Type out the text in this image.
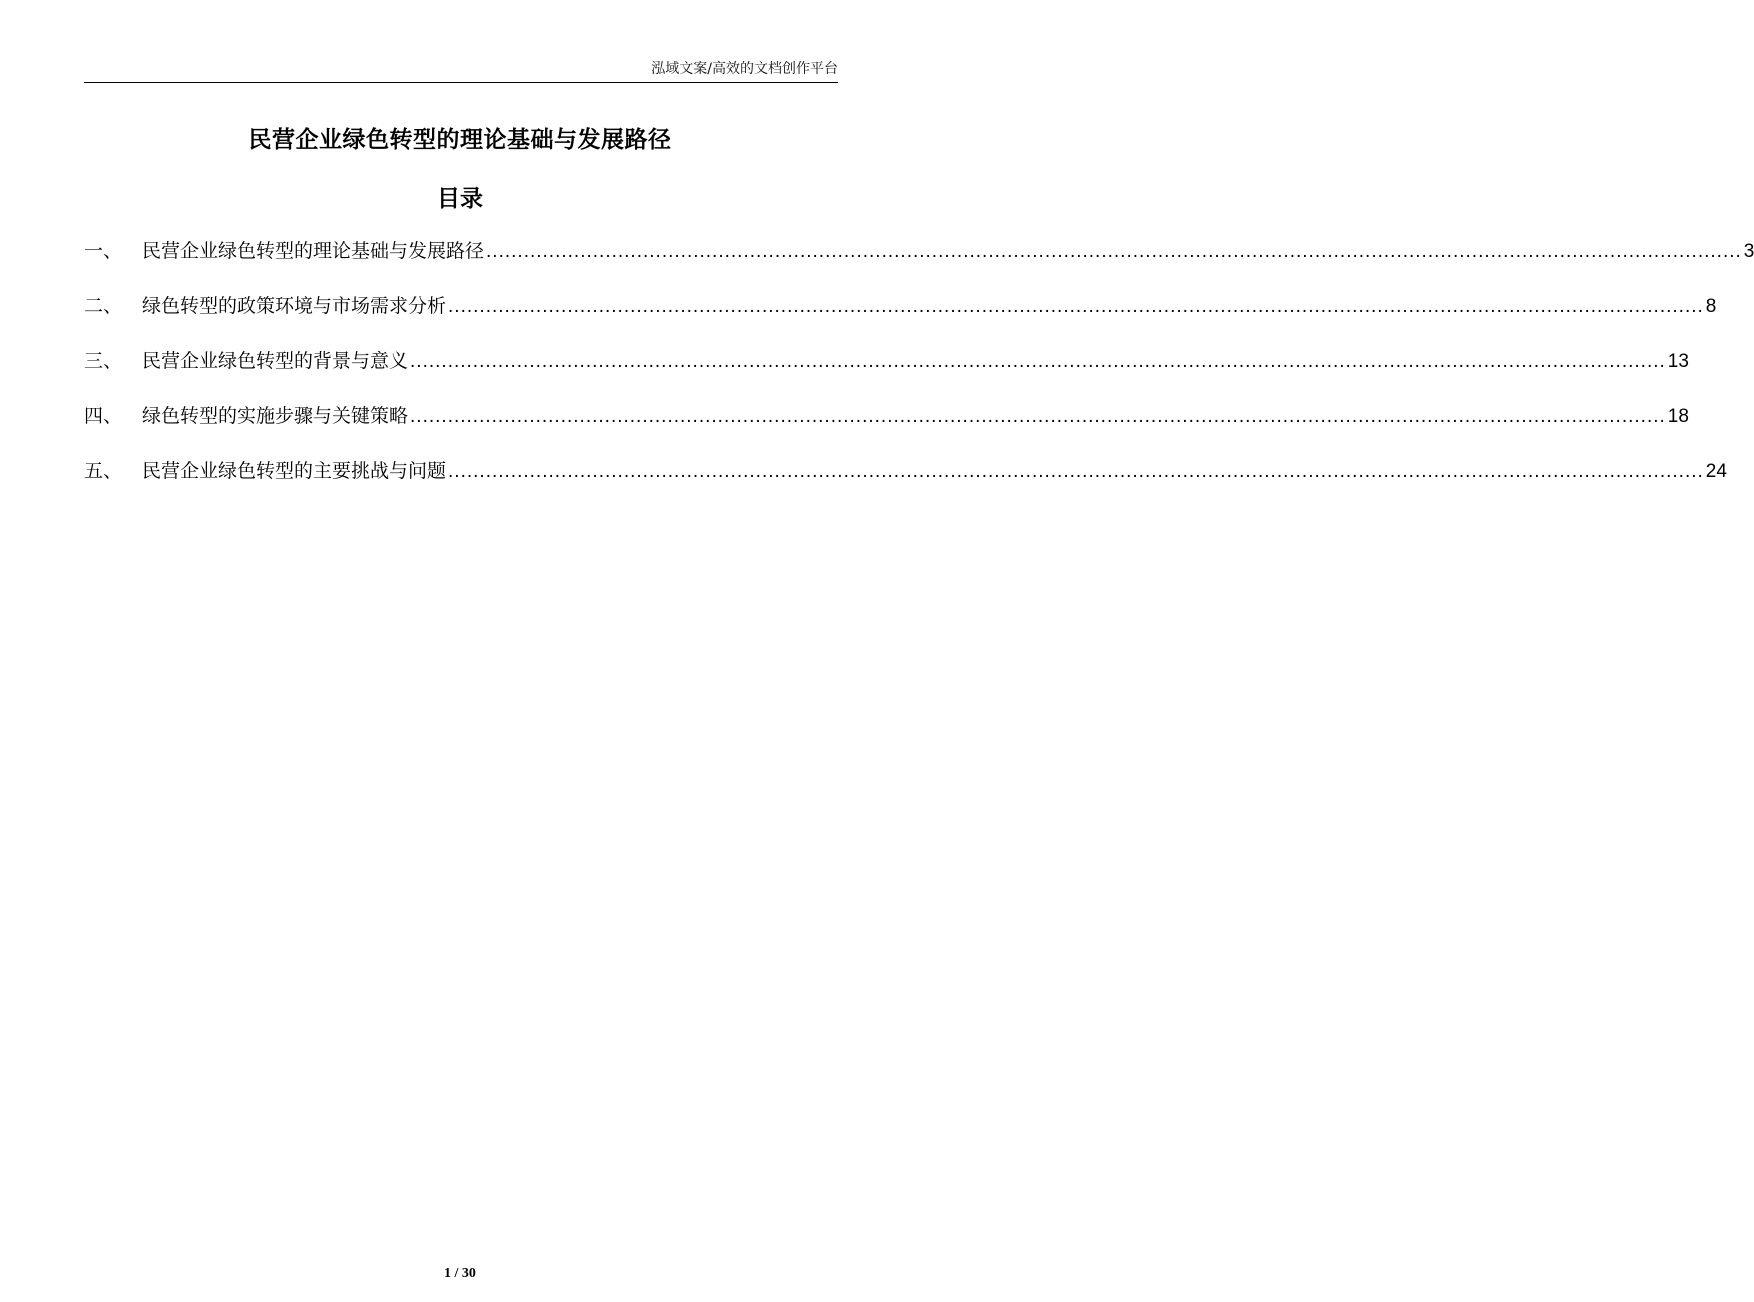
泓域文案/高效的文档创作平台
民营企业绿色转型的理论基础与发展路径
目录
一、	民营企业绿色转型的理论基础与发展路径 ........................................................................................................................................................................................................ 3
二、	绿色转型的政策环境与市场需求分析 ........................................................................................................................................................................................................ 8
三、	民营企业绿色转型的背景与意义 ........................................................................................................................................................................................................ 13
四、	绿色转型的实施步骤与关键策略 ........................................................................................................................................................................................................ 18
五、	民营企业绿色转型的主要挑战与问题 ........................................................................................................................................................................................................ 24
1 / 30
